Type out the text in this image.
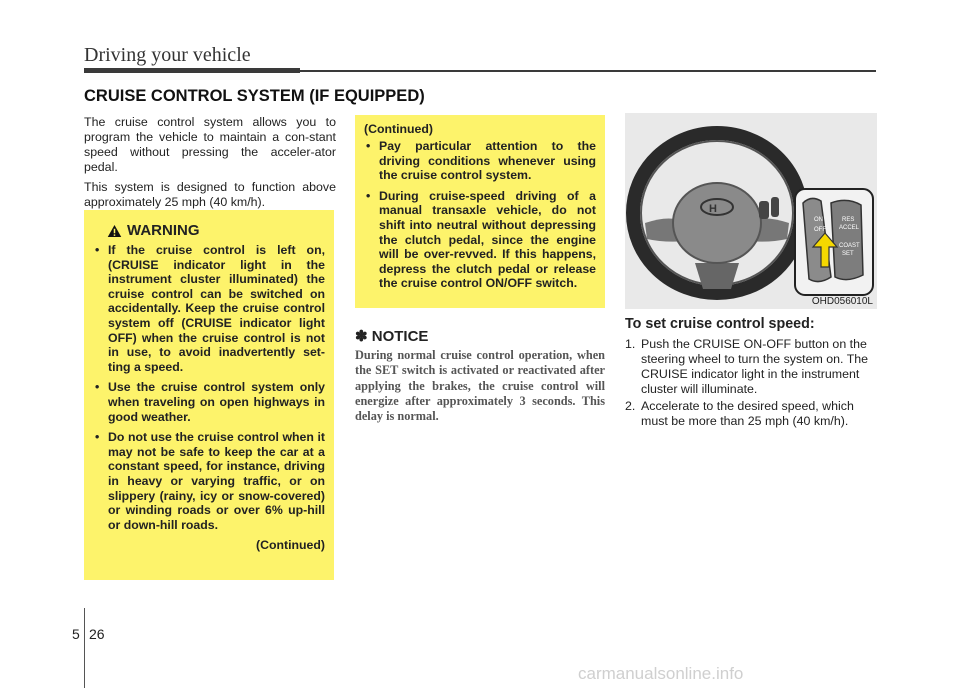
Driving your vehicle
CRUISE CONTROL SYSTEM (IF EQUIPPED)

The cruise control system allows you to program the vehicle to maintain a con-stant speed without pressing the acceler-ator pedal.

This system is designed to function above approximately 25 mph (40 km/h).

WARNING
• If the cruise control is left on, (CRUISE indicator light in the instrument cluster illuminated) the cruise control can be switched on accidentally. Keep the cruise control system off (CRUISE indicator light OFF) when the cruise control is not in use, to avoid inadvertently set-ting a speed.
• Use the cruise control system only when traveling on open highways in good weather.
• Do not use the cruise control when it may not be safe to keep the car at a constant speed, for instance, driving in heavy or varying traffic, or on slippery (rainy, icy or snow-covered) or winding roads or over 6% up-hill or down-hill roads.
(Continued)
(Continued)
• Pay particular attention to the driving conditions whenever using the cruise control system.
• During cruise-speed driving of a manual transaxle vehicle, do not shift into neutral without depressing the clutch pedal, since the engine will be over-revved. If this happens, depress the clutch pedal or release the cruise control ON/OFF switch.
✽ NOTICE
During normal cruise control operation, when the SET switch is activated or reactivated after applying the brakes, the cruise control will energize after approximately 3 seconds. This delay is normal.
H
ON
OFF
RES
ACCEL
COAST
SET
OHD056010L
To set cruise control speed:
1. Push the CRUISE ON-OFF button on the steering wheel to turn the system on. The CRUISE indicator light in the instrument cluster will illuminate.
2. Accelerate to the desired speed, which must be more than 25 mph (40 km/h).
5 26
carmanualsonline.info
